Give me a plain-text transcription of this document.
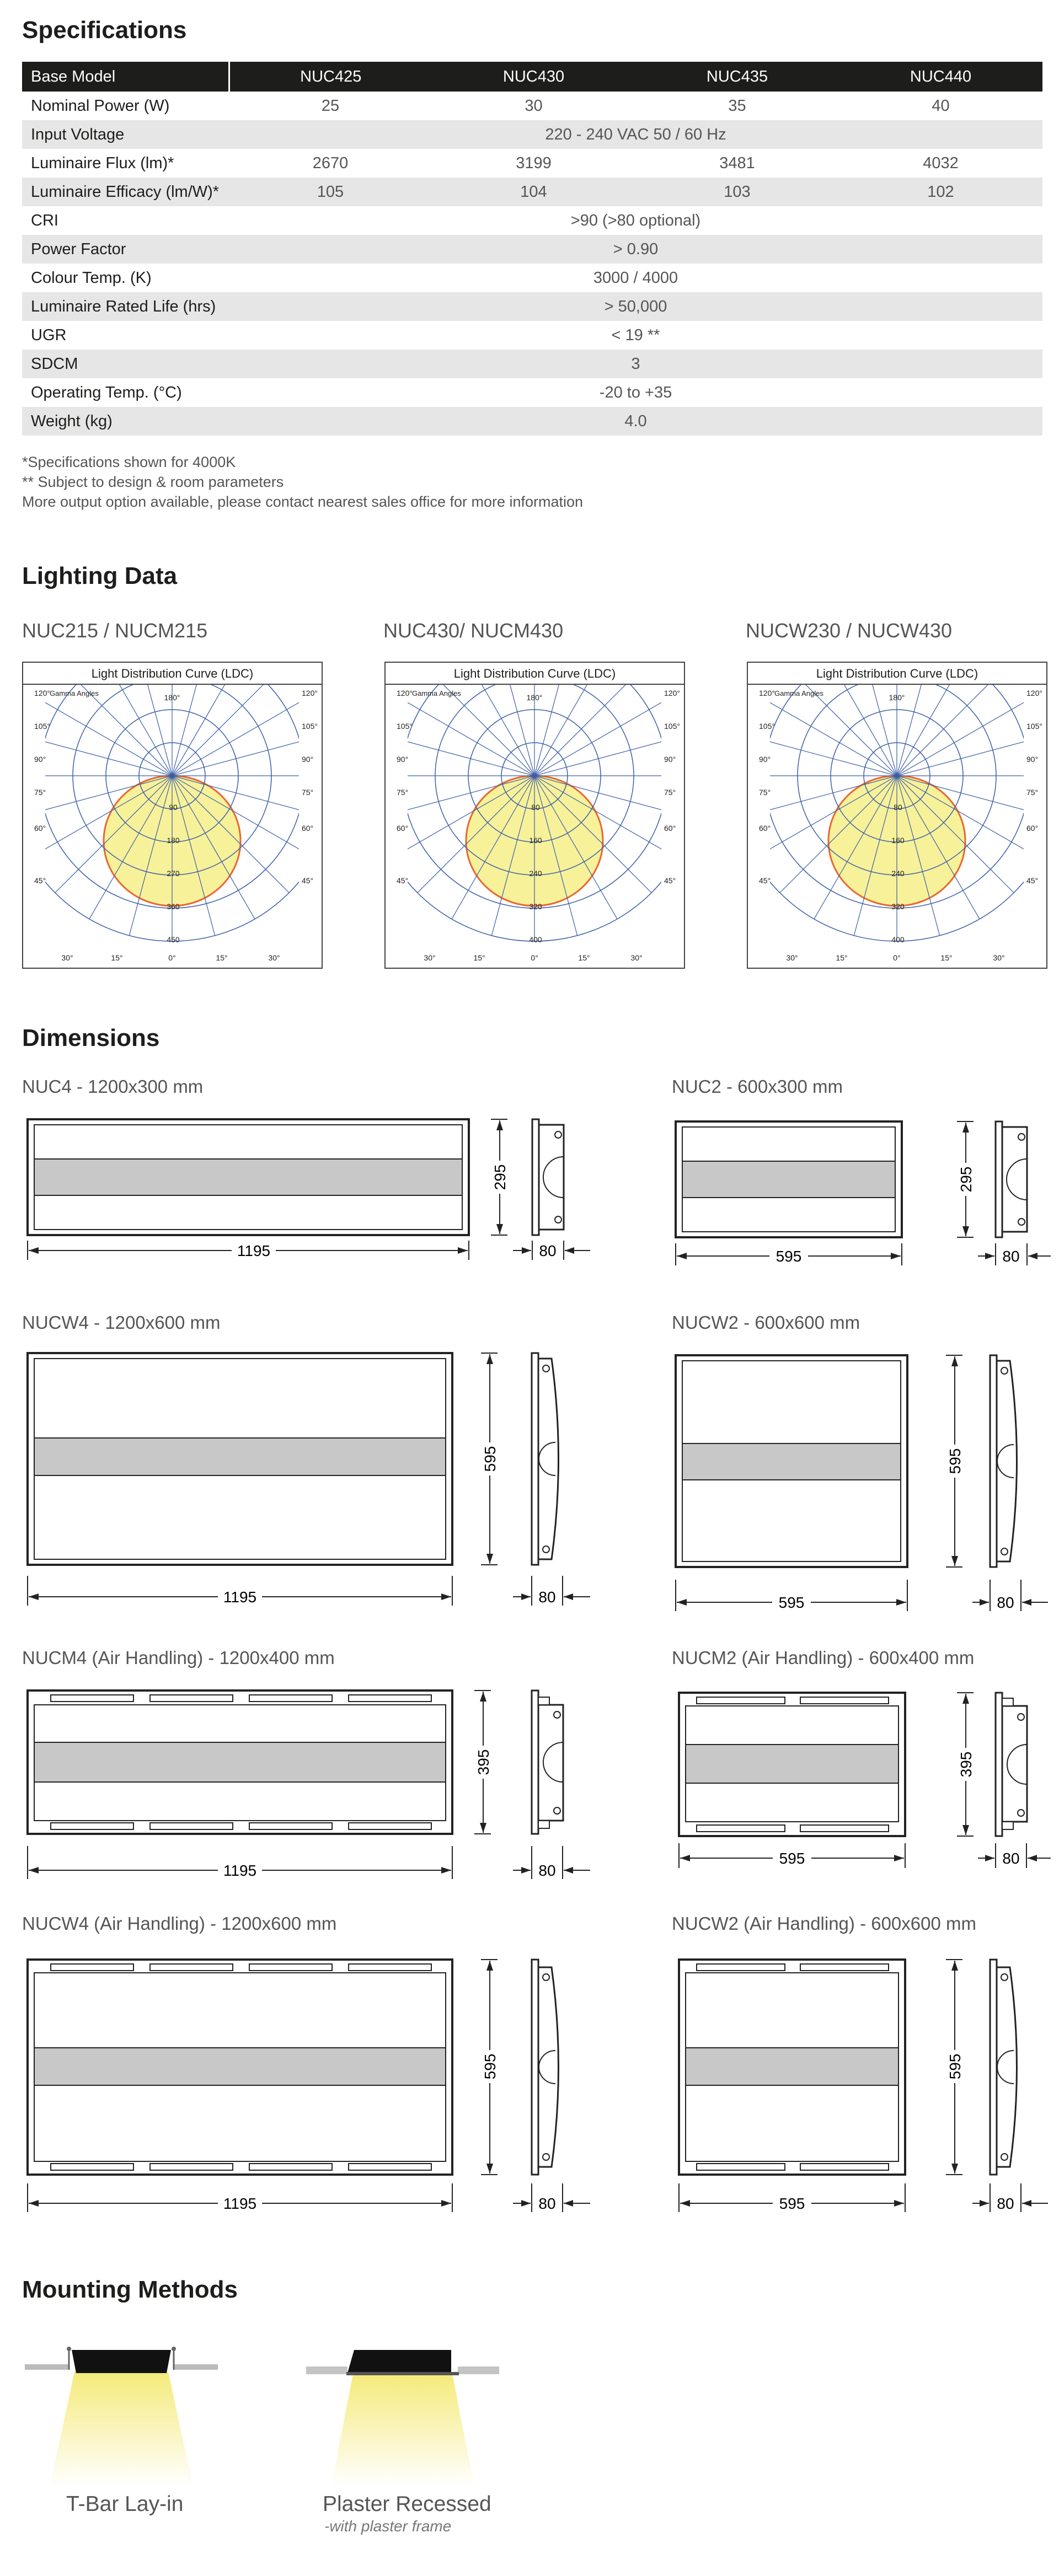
Specifications
Base Model	NUC425	NUC430	NUC435	NUC440
Nominal Power (W)	25	30	35	40
Input Voltage	220 - 240 VAC 50 / 60 Hz			
Luminaire Flux (lm)*	2670	3199	3481	4032
Luminaire Efficacy (lm/W)*	105	104	103	102
CRI	>90 (>80 optional)			
Power Factor	> 0.90			
Colour Temp. (K)	3000 / 4000			
Luminaire Rated Life (hrs)	> 50,000			
UGR	< 19 **			
SDCM	3			
Operating Temp. (°C)	-20 to +35			
Weight (kg)	4.0			
*Specifications shown for 4000K
** Subject to design & room parameters
More output option available, please contact nearest sales office for more information
Lighting Data
NUC215 / NUCM215
Light Distribution Curve (LDC)
90
180
270
360
450
120°	120°
105°	105°
90°	90°
75°	75°
60°	60°
45°	45°
Gamma Angles	180°
30°	15°	0°	15°	30°
NUC430/ NUCM430
Light Distribution Curve (LDC)
80
160
240
320
400
120°	120°
105°	105°
90°	90°
75°	75°
60°	60°
45°	45°
Gamma Angles	180°
30°	15°	0°	15°	30°
NUCW230 / NUCW430
Light Distribution Curve (LDC)
80
160
240
320
400
120°	120°
105°	105°
90°	90°
75°	75°
60°	60°
45°	45°
Gamma Angles	180°
30°	15°	0°	15°	30°
Dimensions
NUC4 - 1200x300 mm
1195
295
80
NUC2 - 600x300 mm
595
295
80
NUCW4 - 1200x600 mm
1195
595
80
NUCW2 - 600x600 mm
595
595
80
NUCM4 (Air Handling) - 1200x400 mm
1195
395
80
NUCM2 (Air Handling) - 600x400 mm
595
395
80
NUCW4 (Air Handling) - 1200x600 mm
1195
595
80
NUCW2 (Air Handling) - 600x600 mm
595
595
80
Mounting Methods
T-Bar Lay-in	Plaster Recessed
-with plaster frame
